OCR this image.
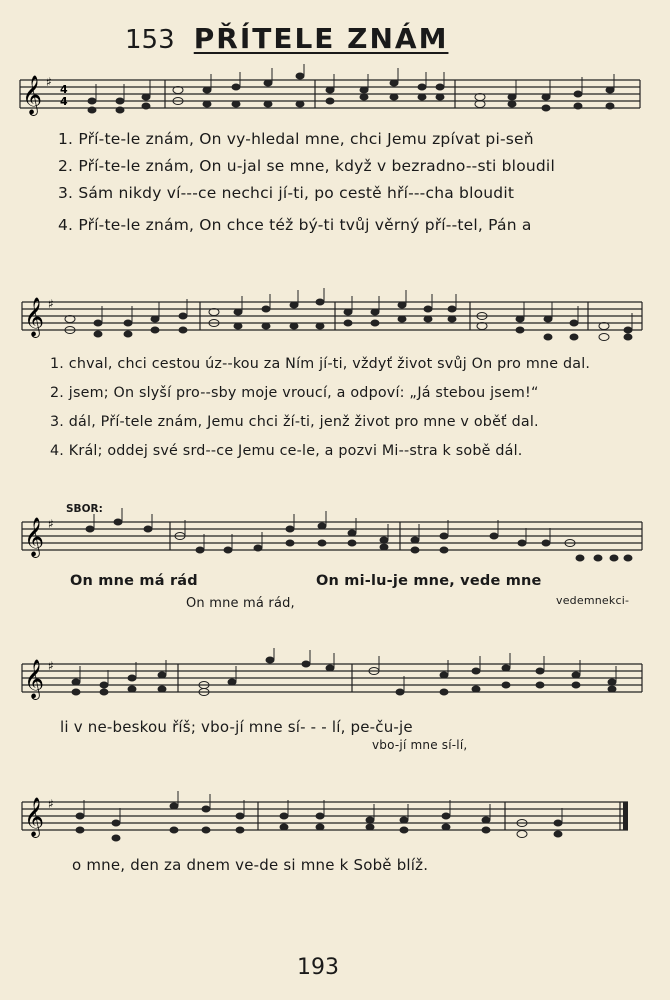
153 PŘÍTELE ZNÁM
𝄞 ♯
4
4
1. Pří-te-le znám, On vy-hledal mne, chci Jemu zpívat pi-seň
2. Pří-te-le znám, On u-jal se mne, když v bezradno--sti bloudil
3. Sám nikdy ví---ce nechci jí-ti, po cestě hří---cha bloudit
4. Pří-te-le znám, On chce též bý-ti tvůj věrný pří--tel, Pán a
𝄞 ♯
1. chval, chci cestou úz--kou za Ním jí-ti, vždyť život svůj On pro mne dal.
2. jsem; On slyší pro--sby moje vroucí, a odpoví: „Já stebou jsem!“
3. dál, Pří-tele znám, Jemu chci ží-ti, jenž život pro mne v oběť dal.
4. Král; oddej své srd--ce Jemu ce-le, a pozvi Mi--stra k sobě dál.
SBOR:
𝄞 ♯
On mne má rád	On mi-lu-je mne, vede mne
On mne má rád,	vedemnekci-
𝄞 ♯
li v ne-beskou říš; vbo-jí mne sí- - - lí, pe-ču-je
vbo-jí mne sí-lí,
𝄞 ♯
o mne, den za dnem ve-de si mne k Sobě blíž.
193
